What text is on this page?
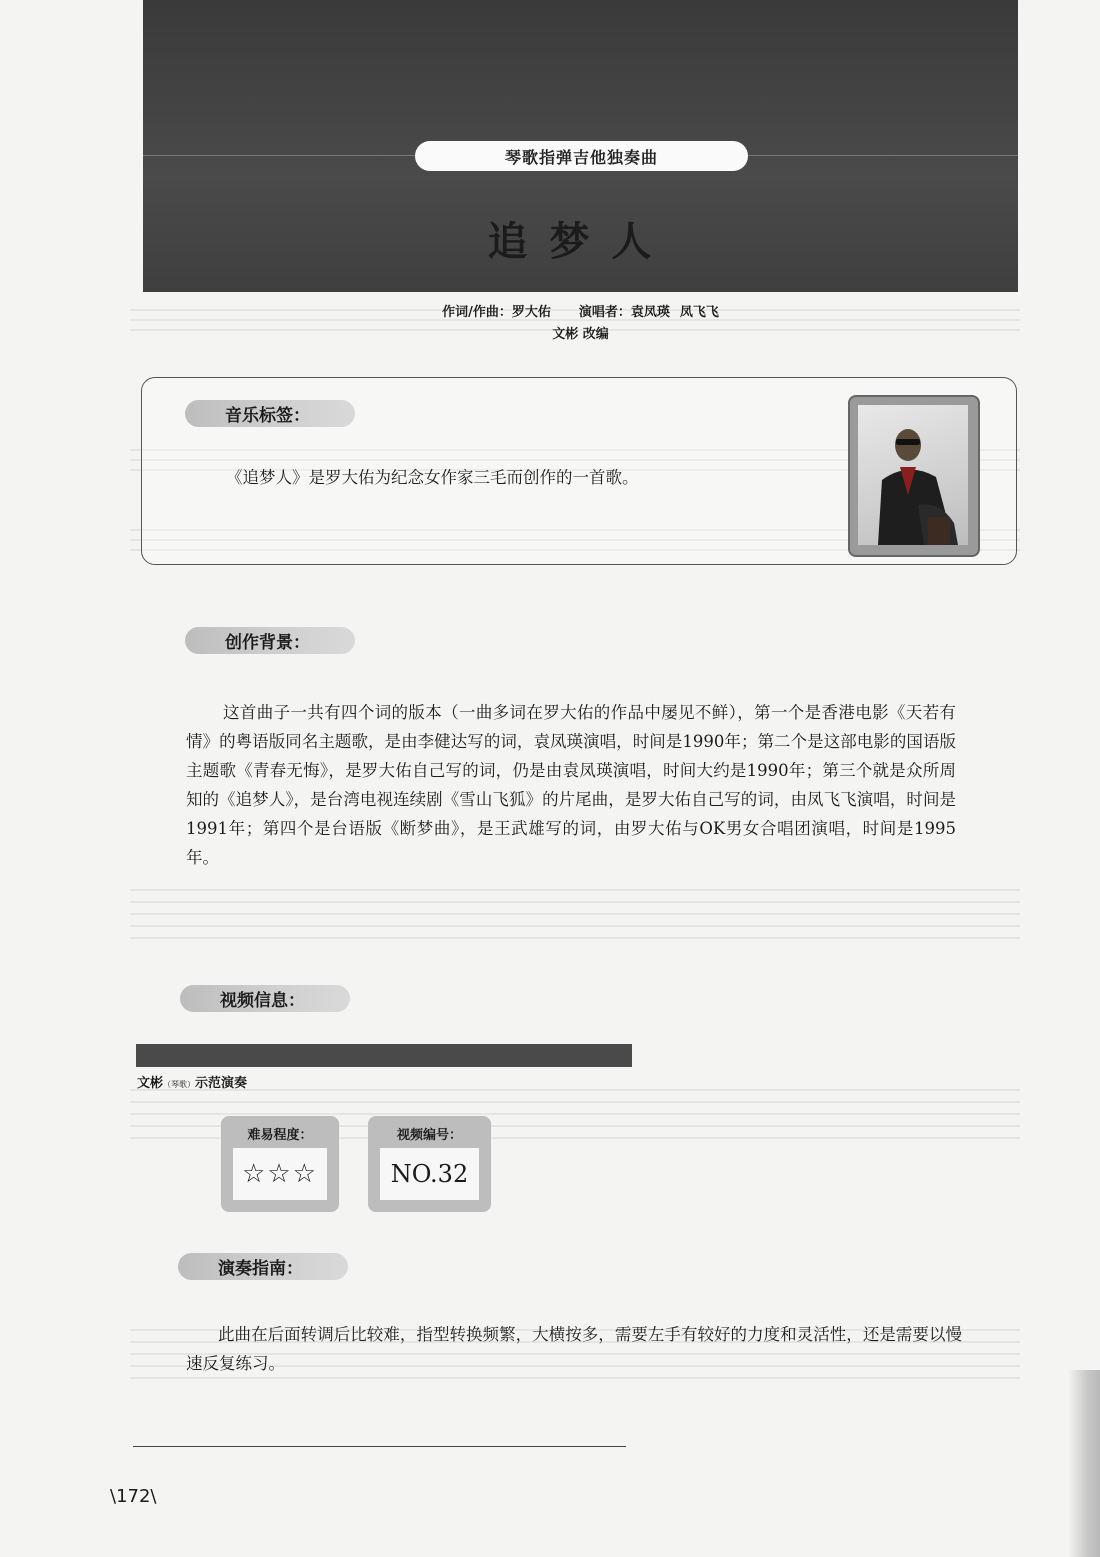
琴歌指弹吉他独奏曲
追梦人
作词/作曲：罗大佑 演唱者：袁凤瑛 凤飞飞
文彬 改编
音乐标签：
《追梦人》是罗大佑为纪念女作家三毛而创作的一首歌。
创作背景：
这首曲子一共有四个词的版本（一曲多词在罗大佑的作品中屡见不鲜），第一个是香港电影《天若有情》的粤语版同名主题歌，是由李健达写的词，袁凤瑛演唱，时间是1990年；第二个是这部电影的国语版主题歌《青春无悔》，是罗大佑自己写的词，仍是由袁凤瑛演唱，时间大约是1990年；第三个就是众所周知的《追梦人》，是台湾电视连续剧《雪山飞狐》的片尾曲，是罗大佑自己写的词，由凤飞飞演唱，时间是1991年；第四个是台语版《断梦曲》，是王武雄写的词，由罗大佑与OK男女合唱团演唱，时间是1995年。
视频信息：
文彬（琴歌）示范演奏
难易程度：
☆☆☆
视频编号：
NO.32
演奏指南：
此曲在后面转调后比较难，指型转换频繁，大横按多，需要左手有较好的力度和灵活性，还是需要以慢速反复练习。
\172\
